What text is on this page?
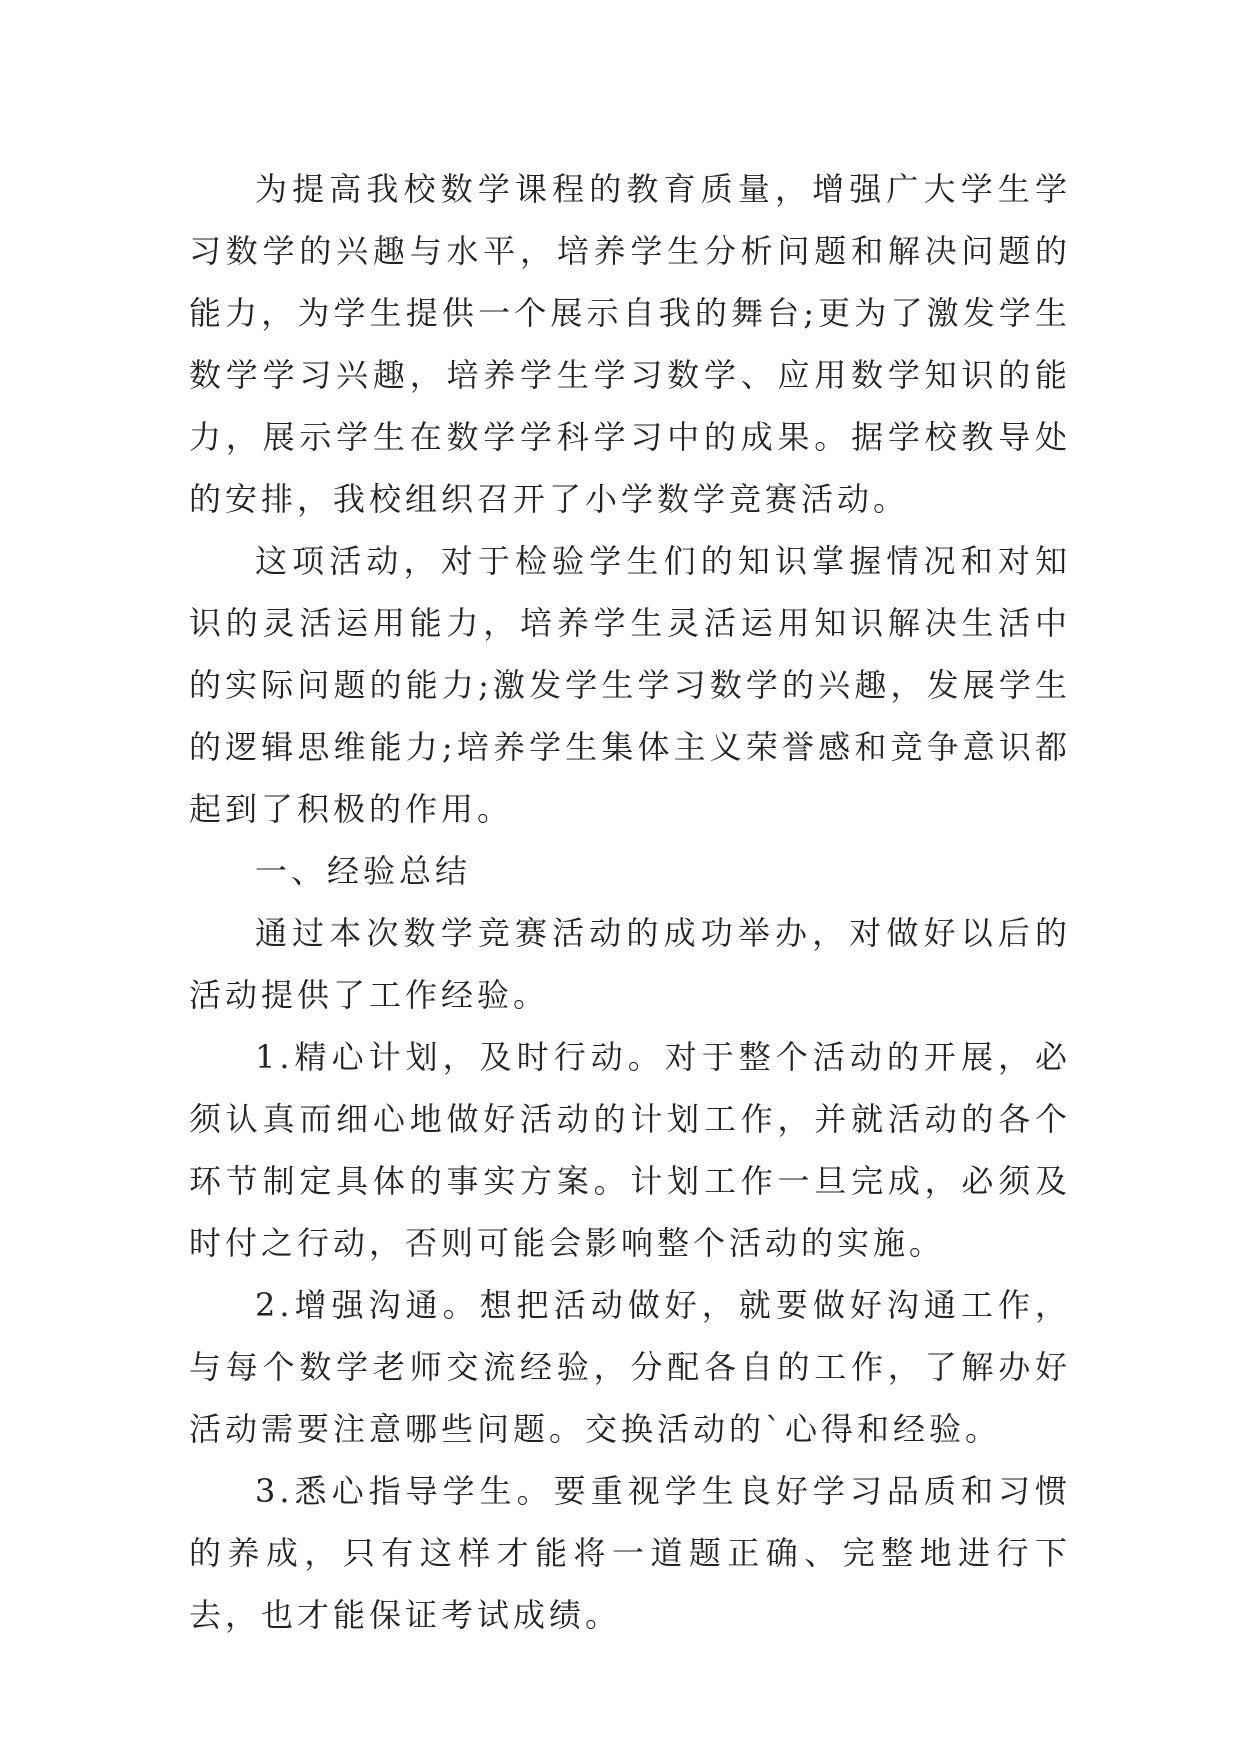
为提高我校数学课程的教育质量，增强广大学生学习数学的兴趣与水平，培养学生分析问题和解决问题的能力，为学生提供一个展示自我的舞台;更为了激发学生数学学习兴趣，培养学生学习数学、应用数学知识的能力，展示学生在数学学科学习中的成果。据学校教导处的安排，我校组织召开了小学数学竞赛活动。

这项活动，对于检验学生们的知识掌握情况和对知识的灵活运用能力，培养学生灵活运用知识解决生活中的实际问题的能力;激发学生学习数学的兴趣，发展学生的逻辑思维能力;培养学生集体主义荣誉感和竞争意识都起到了积极的作用。

一、经验总结

通过本次数学竞赛活动的成功举办，对做好以后的活动提供了工作经验。

1.精心计划，及时行动。对于整个活动的开展，必须认真而细心地做好活动的计划工作，并就活动的各个环节制定具体的事实方案。计划工作一旦完成，必须及时付之行动，否则可能会影响整个活动的实施。

2.增强沟通。想把活动做好，就要做好沟通工作，与每个数学老师交流经验，分配各自的工作，了解办好活动需要注意哪些问题。交换活动的`心得和经验。

3.悉心指导学生。要重视学生良好学习品质和习惯的养成，只有这样才能将一道题正确、完整地进行下去，也才能保证考试成绩。
